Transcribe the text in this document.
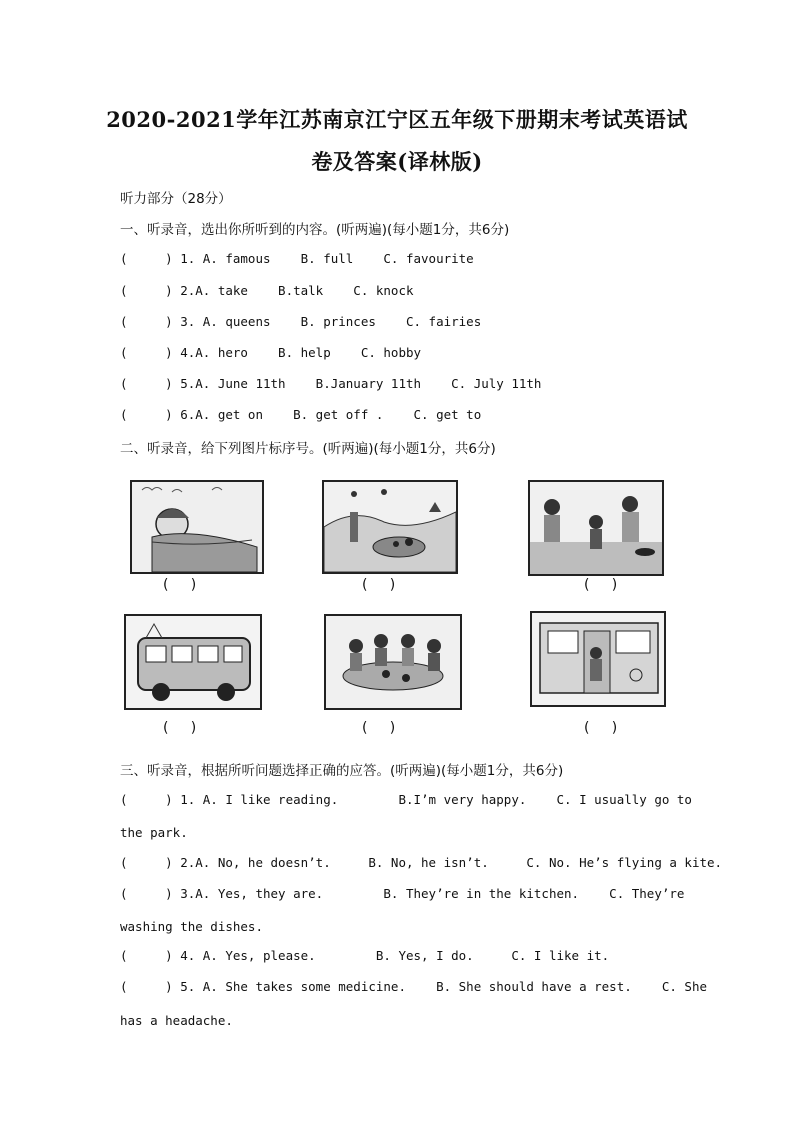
2020-2021学年江苏南京江宁区五年级下册期末考试英语试
卷及答案(译林版)
听力部分（28分）
一、听录音，选出你所听到的内容。(听两遍)(每小题1分，共6分)
(     ) 1. A. famous    B. full    C. favourite
(     ) 2.A. take    B.talk    C. knock
(     ) 3. A. queens    B. princes    C. fairies
(     ) 4.A. hero    B. help    C. hobby
(     ) 5.A. June 11th    B.January 11th    C. July 11th
(     ) 6.A. get on    B. get off .    C. get to
二、听录音，给下列图片标序号。(听两遍)(每小题1分，共6分)
(     )	(     )	(     )
(     )	(     )	(     )
三、听录音，根据所听问题选择正确的应答。(听两遍)(每小题1分，共6分)
(     ) 1. A. I like reading.        B.I’m very happy.    C. I usually go to
the park.
(     ) 2.A. No, he doesn’t.     B. No, he isn’t.     C. No. He’s flying a kite.
(     ) 3.A. Yes, they are.        B. They’re in the kitchen.    C. They’re
washing the dishes.
(     ) 4. A. Yes, please.        B. Yes, I do.     C. I like it.
(     ) 5. A. She takes some medicine.    B. She should have a rest.    C. She
has a headache.
